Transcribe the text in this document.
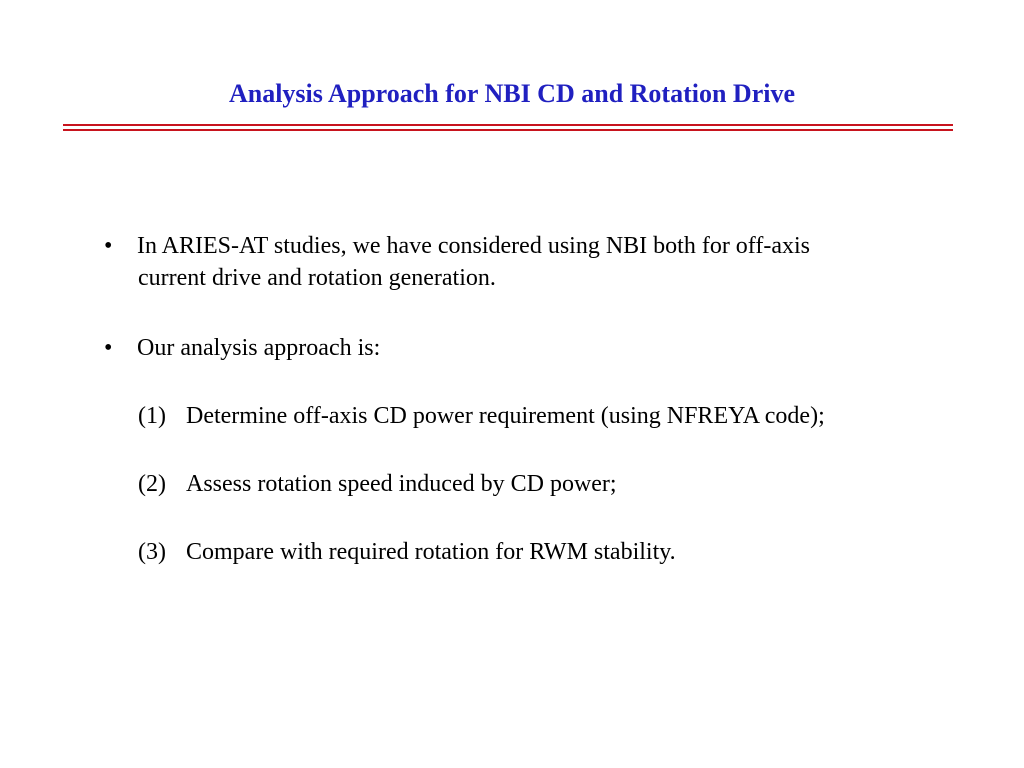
Analysis Approach for NBI CD and Rotation Drive
•	In ARIES-AT studies, we have considered using NBI both for off-axis
current drive and rotation generation.
•	Our analysis approach is:
(1) Determine off-axis CD power requirement (using NFREYA code);
(2) Assess rotation speed induced by CD power;
(3) Compare with required rotation for RWM stability.
